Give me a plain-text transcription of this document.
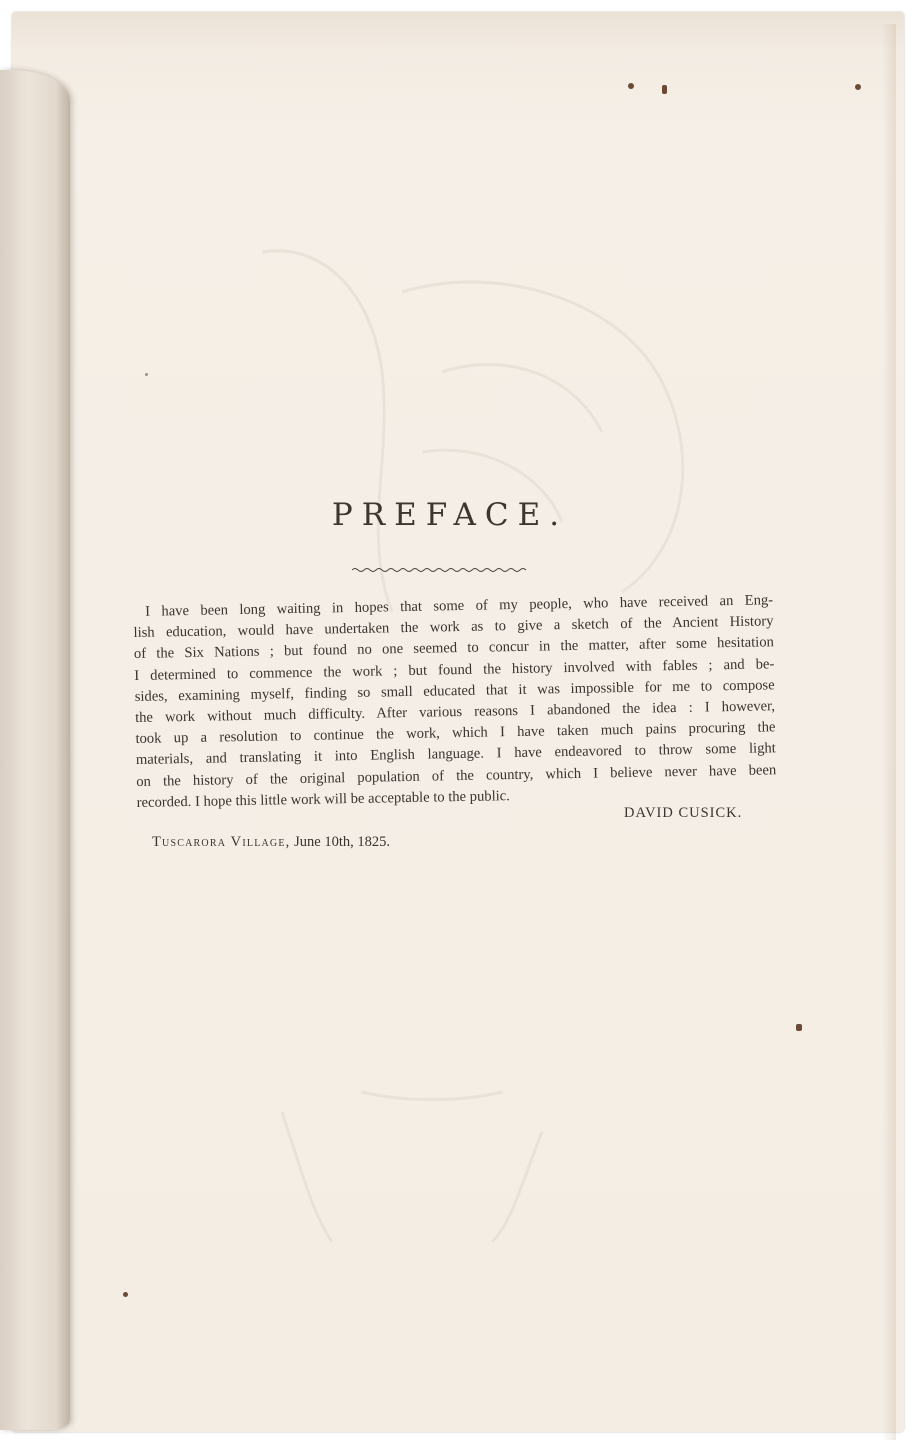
PREFACE.
I have been long waiting in hopes that some of my people, who have received an Eng-
lish education, would have undertaken the work as to give a sketch of the Ancient History
of the Six Nations ; but found no one seemed to concur in the matter, after some hesitation
I determined to commence the work ; but found the history involved with fables ; and be-
sides, examining myself, finding so small educated that it was impossible for me to compose
the work without much difficulty. After various reasons I abandoned the idea : I however,
took up a resolution to continue the work, which I have taken much pains procuring the
materials, and translating it into English language. I have endeavored to throw some light
on the history of the original population of the country, which I believe never have been
recorded. I hope this little work will be acceptable to the public.
DAVID CUSICK.
Tuscarora Village, June 10th, 1825.
